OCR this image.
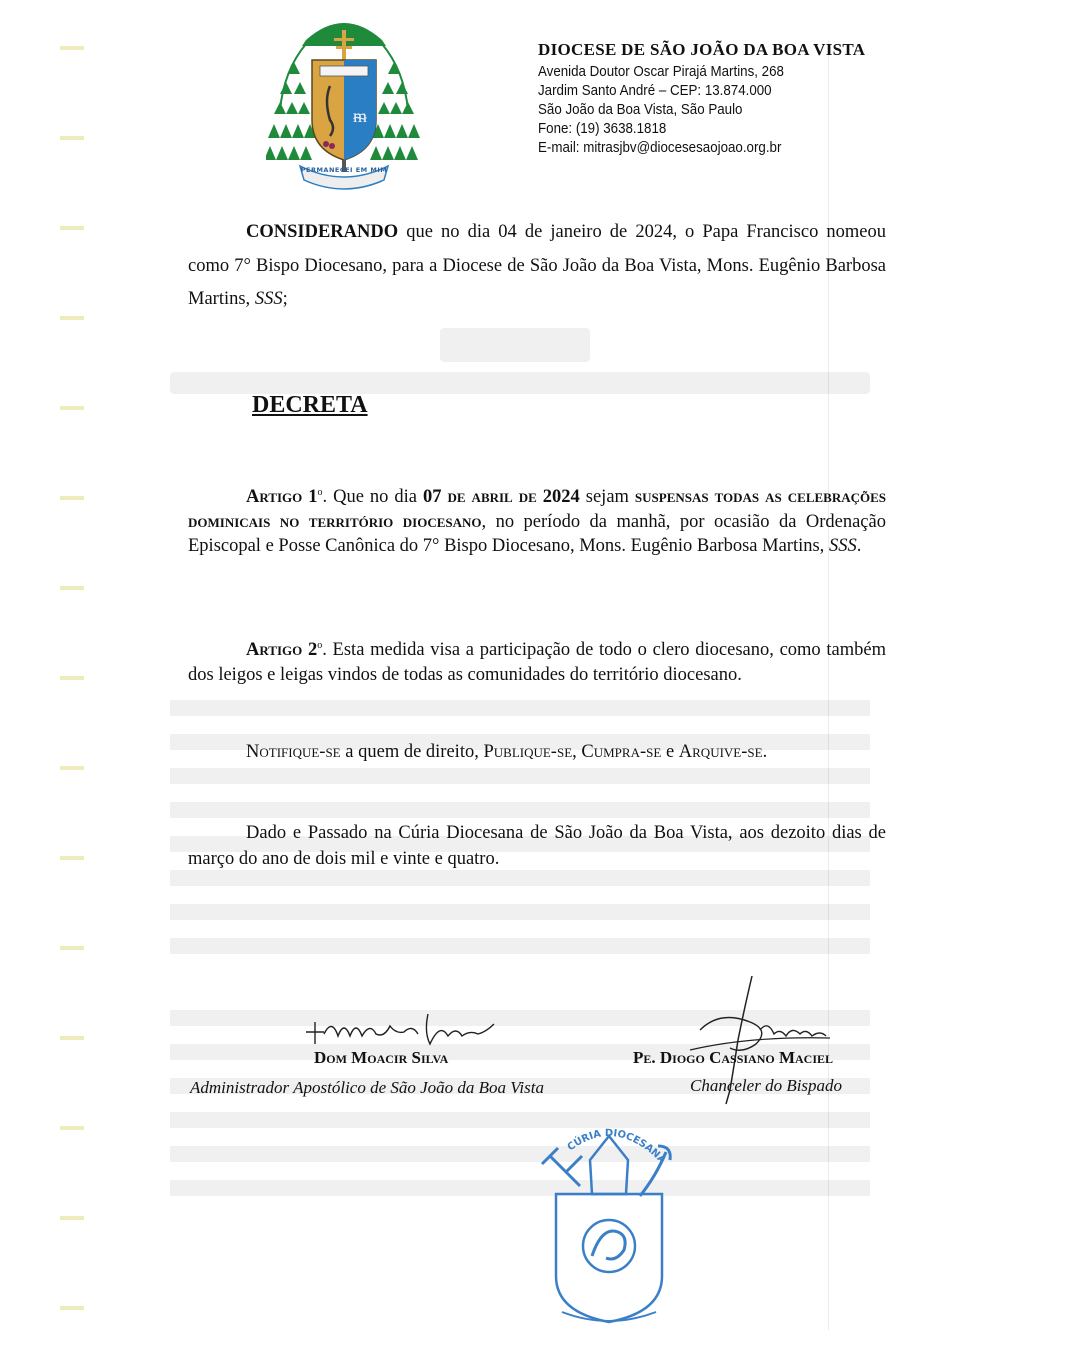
ᵯ
PERMANECEI EM MIM
DIOCESE DE SÃO JOÃO DA BOA VISTA
Avenida Doutor Oscar Pirajá Martins, 268
Jardim Santo André – CEP: 13.874.000
São João da Boa Vista, São Paulo
Fone: (19) 3638.1818
E-mail: mitrasjbv@diocesesaojoao.org.br
CONSIDERANDO que no dia 04 de janeiro de 2024, o Papa Francisco nomeou como 7° Bispo Diocesano, para a Diocese de São João da Boa Vista, Mons. Eugênio Barbosa Martins, SSS;
DECRETA
Artigo 1$^o$. Que no dia 07 de abril de 2024 sejam suspensas todas as celebrações dominicais no território diocesano, no período da manhã, por ocasião da Ordenação Episcopal e Posse Canônica do 7° Bispo Diocesano, Mons. Eugênio Barbosa Martins, SSS.
Artigo 2$^o$. Esta medida visa a participação de todo o clero diocesano, como também dos leigos e leigas vindos de todas as comunidades do território diocesano.
Notifique-se a quem de direito, Publique-se, Cumpra-se e Arquive-se.
Dado e Passado na Cúria Diocesana de São João da Boa Vista, aos dezoito dias de março do ano de dois mil e vinte e quatro.
Dom Moacir Silva
Administrador Apostólico de São João da Boa Vista
Pe. Diogo Cassiano Maciel
Chanceler do Bispado
CÚRIA DIOCESANA
